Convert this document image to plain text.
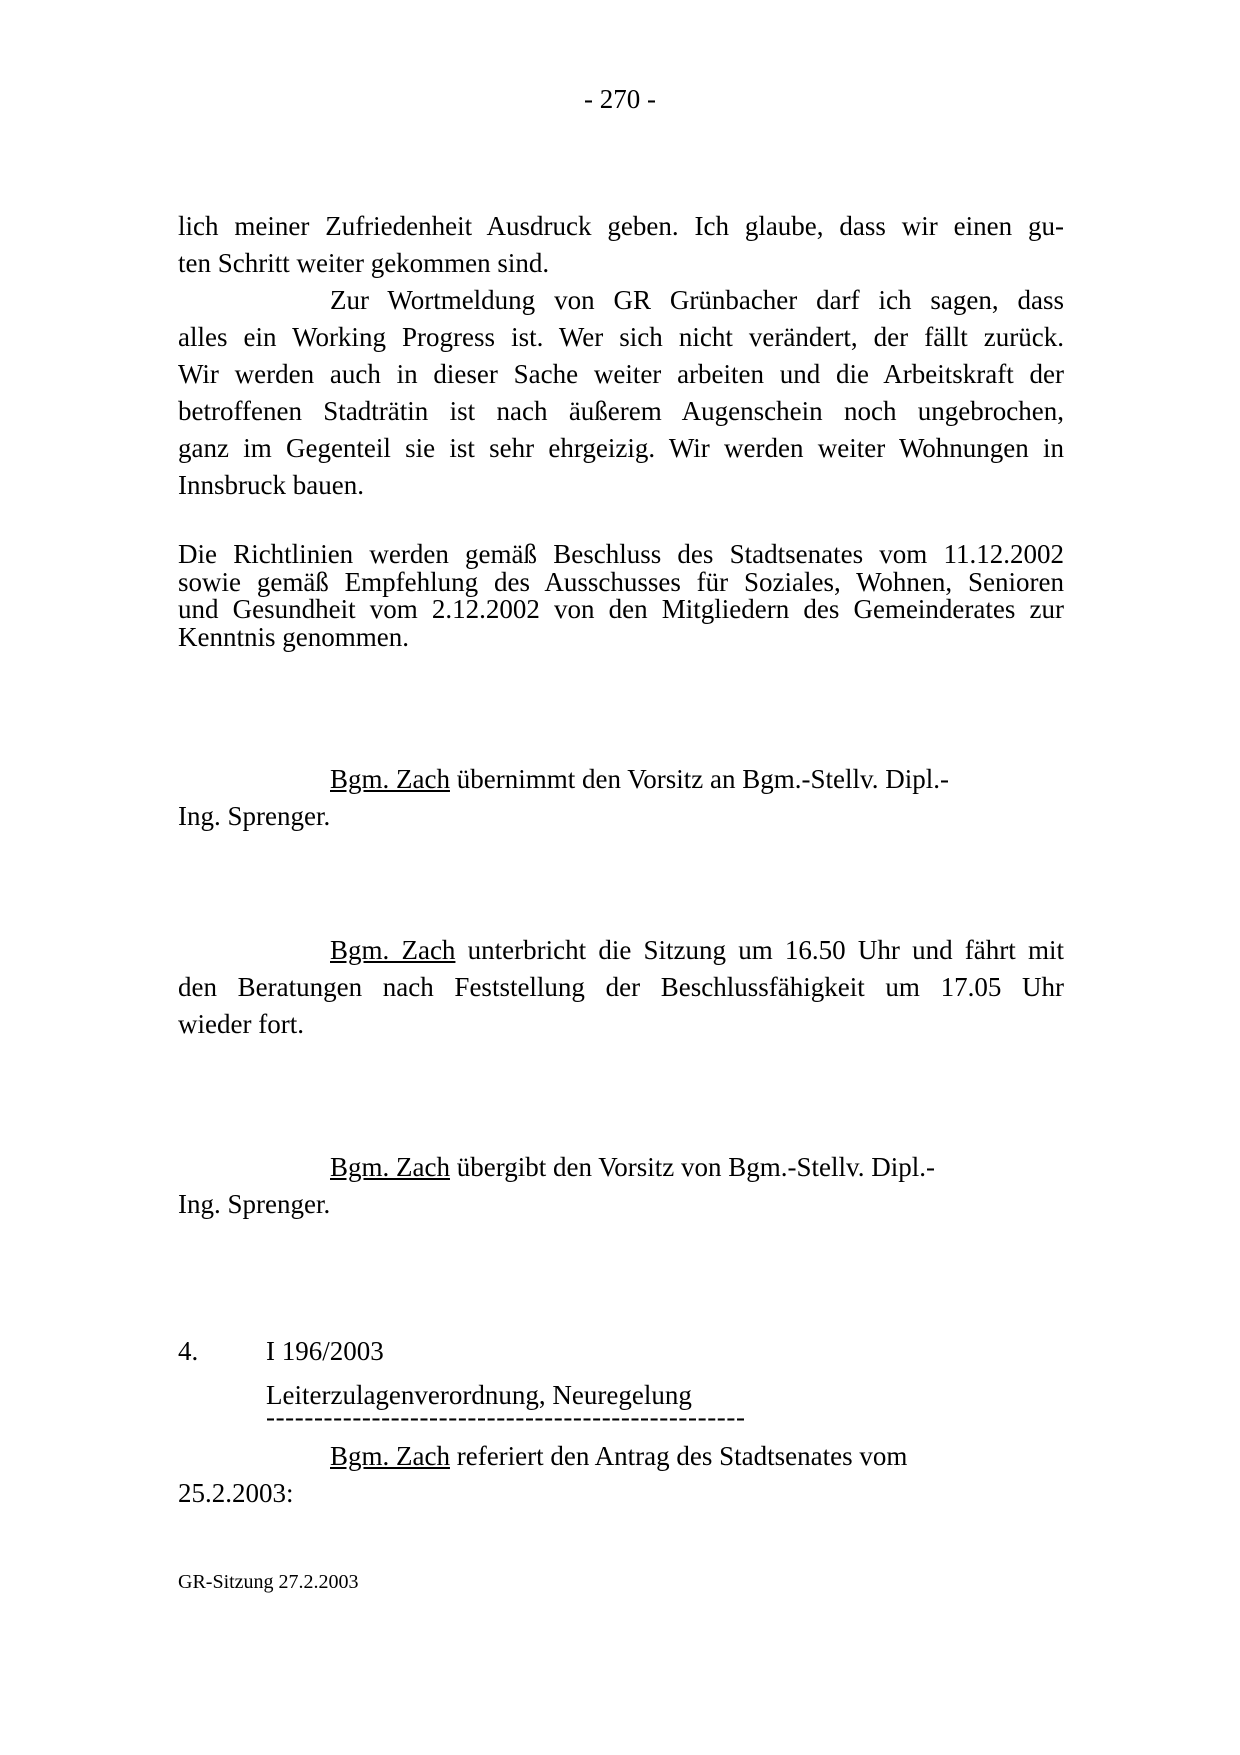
- 270 -
lich meiner Zufriedenheit Ausdruck geben. Ich glaube, dass wir einen gu-
ten Schritt weiter gekommen sind.
Zur Wortmeldung von GR Grünbacher darf ich sagen, dass
alles ein Working Progress ist. Wer sich nicht verändert, der fällt zurück.
Wir werden auch in dieser Sache weiter arbeiten und die Arbeitskraft der
betroffenen Stadträtin ist nach äußerem Augenschein noch ungebrochen,
ganz im Gegenteil sie ist sehr ehrgeizig. Wir werden weiter Wohnungen in
Innsbruck bauen.
Die Richtlinien werden gemäß Beschluss des Stadtsenates vom 11.12.2002
sowie gemäß Empfehlung des Ausschusses für Soziales, Wohnen, Senioren
und Gesundheit vom 2.12.2002 von den Mitgliedern des Gemeinderates zur
Kenntnis genommen.
Bgm. Zach übernimmt den Vorsitz an Bgm.-Stellv. Dipl.-
Ing. Sprenger.
Bgm. Zach unterbricht die Sitzung um 16.50 Uhr und fährt mit
den Beratungen nach Feststellung der Beschlussfähigkeit um 17.05 Uhr
wieder fort.
Bgm. Zach übergibt den Vorsitz von Bgm.-Stellv. Dipl.-
Ing. Sprenger.
4.	I 196/2003
Leiterzulagenverordnung, Neuregelung
--------------------------------------------------
Bgm. Zach referiert den Antrag des Stadtsenates vom
25.2.2003:
GR-Sitzung 27.2.2003
